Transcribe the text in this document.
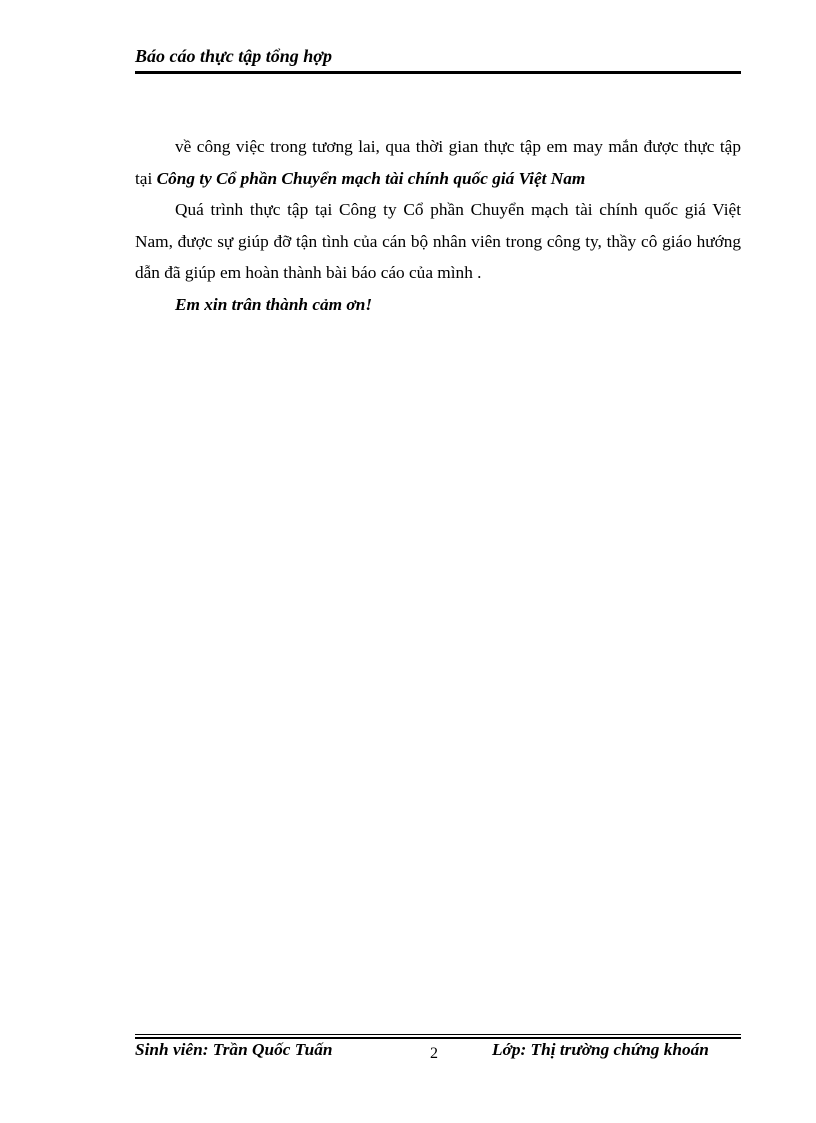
Báo cáo thực tập tổng hợp

về công việc trong tương lai, qua thời gian thực tập em may mắn được thực tập tại Công ty Cổ phần Chuyển mạch tài chính quốc giá Việt Nam

Quá trình thực tập tại Công ty Cổ phần Chuyển mạch tài chính quốc giá Việt Nam, được sự giúp đỡ tận tình của cán bộ nhân viên trong công ty, thầy cô giáo hướng dẫn đã giúp em hoàn thành bài báo cáo của mình .

Em xin trân thành cảm ơn!

Sinh viên: Trần Quốc Tuấn	2	Lớp: Thị trường chứng khoán
